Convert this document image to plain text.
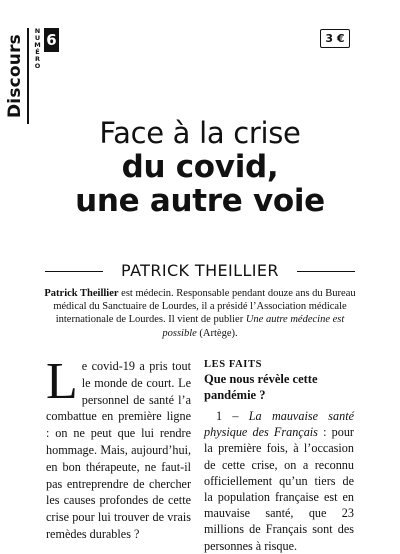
Discours
NUMÉRO
6	3 €
Face à la crise
du covid,
une autre voie
PATRICK THEILLIER

Patrick Theillier est médecin. Responsable pendant douze ans du Bureau médical du Sanctuaire de Lourdes, il a présidé l’Association médicale internationale de Lourdes. Il vient de publier Une autre médecine est possible (Artège).

Le covid-19 a pris tout le monde de court. Le personnel de santé l’a combattue en première ligne : on ne peut que lui rendre hommage. Mais, aujourd’hui, en bon thérapeute, ne faut-il pas entreprendre de chercher les causes profondes de cette crise pour lui trouver de vrais remèdes durables ?
LES FAITS
Que nous révèle cette pandémie ?
1 – La mauvaise santé physique des Français : pour la première fois, à l’occasion de cette crise, on a reconnu officiellement qu’un tiers de la population française est en mauvaise santé, que 23 millions de Français sont des personnes à risque.
